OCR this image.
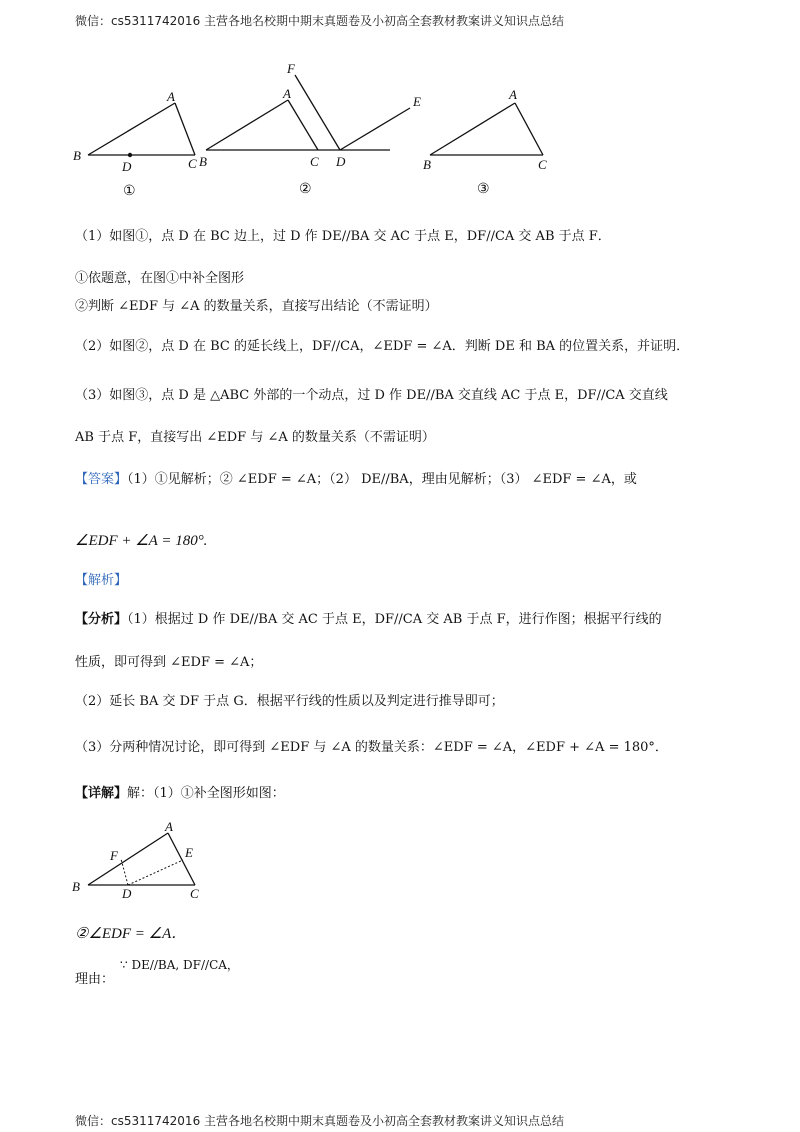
微信：cs5311742016 主营各地名校期中期末真题卷及小初高全套教材教案讲义知识点总结
A
B
C
D
①
A
B	C D
E
F
②
A
B	C
③
（1）如图①，点 D 在 BC 边上，过 D 作 DE//BA 交 AC 于点 E，DF//CA 交 AB 于点 F．
①依题意，在图①中补全图形
②判断 ∠EDF 与 ∠A 的数量关系，直接写出结论（不需证明）
（2）如图②，点 D 在 BC 的延长线上，DF//CA，∠EDF = ∠A．判断 DE 和 BA 的位置关系，并证明．
（3）如图③，点 D 是 △ABC 外部的一个动点，过 D 作 DE//BA 交直线 AC 于点 E，DF//CA 交直线
AB 于点 F，直接写出 ∠EDF 与 ∠A 的数量关系（不需证明）
【答案】（1）①见解析；② ∠EDF = ∠A；（2） DE//BA，理由见解析；（3） ∠EDF = ∠A，或
∠EDF + ∠A = 180°.
【解析】
【分析】（1）根据过 D 作 DE//BA 交 AC 于点 E，DF//CA 交 AB 于点 F，进行作图；根据平行线的
性质，即可得到 ∠EDF = ∠A；
（2）延长 BA 交 DF 于点 G．根据平行线的性质以及判定进行推导即可；
（3）分两种情况讨论，即可得到 ∠EDF 与 ∠A 的数量关系：∠EDF = ∠A，∠EDF + ∠A = 180°．
【详解】解：（1）①补全图形如图：
A
B	C
D
E
F
②∠EDF = ∠A．
∵ DE//BA, DF//CA，
理由：
微信：cs5311742016 主营各地名校期中期末真题卷及小初高全套教材教案讲义知识点总结
